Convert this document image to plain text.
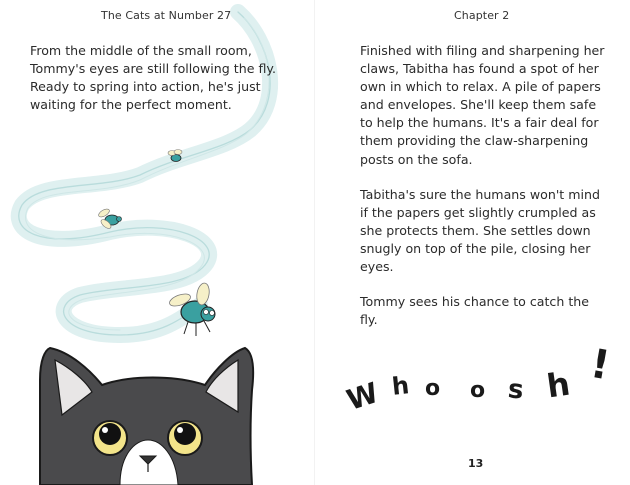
The Cats at Number 27

From the middle of the small room, Tommy's eyes are still following the fly. Ready to spring into action, he's just waiting for the perfect moment.

Chapter 2

Finished with filing and sharpening her claws, Tabitha has found a spot of her own in which to relax. A pile of papers and envelopes. She'll keep them safe to help the humans. It's a fair deal for them providing the claw-sharpening posts on the sofa.

Tabitha's sure the humans won't mind if the papers get slightly crumpled as she protects them. She settles down snugly on top of the pile, closing her eyes.

Tommy sees his chance to catch the fly.

W h o o s h !
13
